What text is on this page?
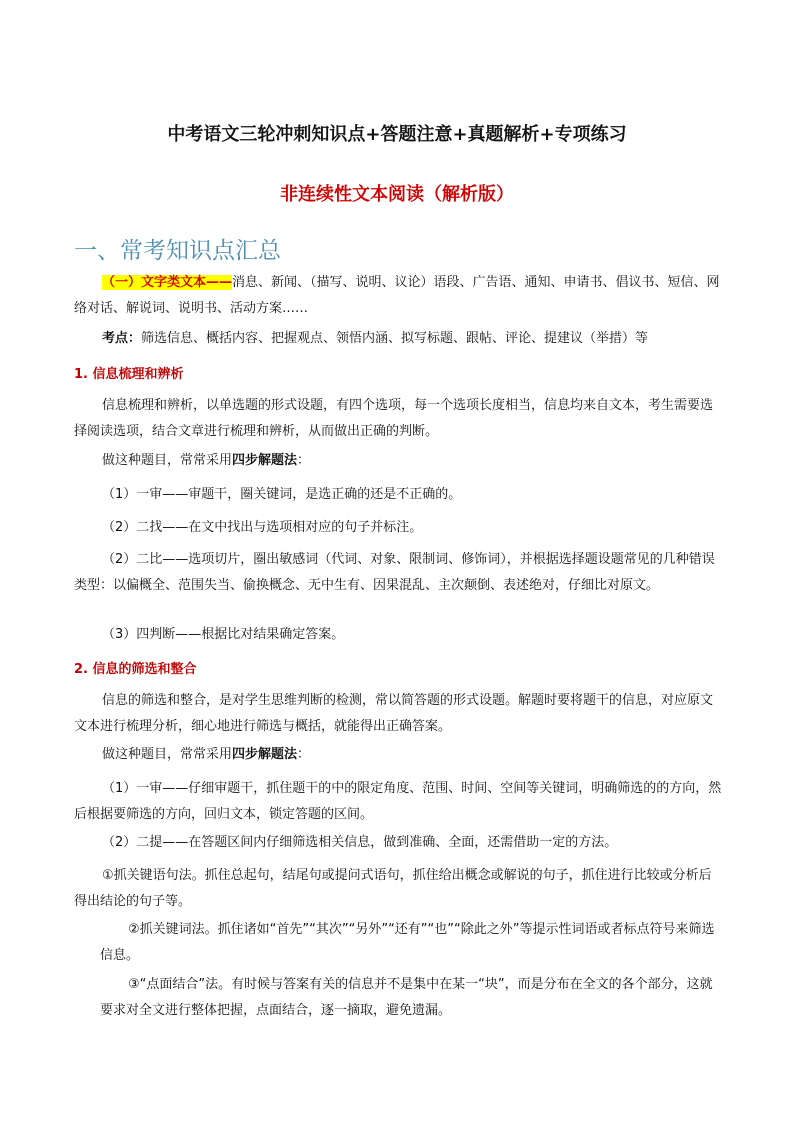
中考语文三轮冲刺知识点+答题注意+真题解析+专项练习
非连续性文本阅读（解析版）
一、常考知识点汇总
（一）文字类文本——消息、新闻、（描写、说明、议论）语段、广告语、通知、申请书、倡议书、短信、网络对话、解说词、说明书、活动方案……
考点：筛选信息、概括内容、把握观点、领悟内涵、拟写标题、跟帖、评论、提建议（举措）等
1. 信息梳理和辨析
信息梳理和辨析，以单选题的形式设题，有四个选项，每一个选项长度相当，信息均来自文本，考生需要选择阅读选项，结合文章进行梳理和辨析，从而做出正确的判断。
做这种题目，常常采用四步解题法：
（1）一审——审题干，圈关键词，是选正确的还是不正确的。
（2）二找——在文中找出与选项相对应的句子并标注。
（2）二比——选项切片，圈出敏感词（代词、对象、限制词、修饰词），并根据选择题设题常见的几种错误类型：以偏概全、范围失当、偷换概念、无中生有、因果混乱、主次颠倒、表述绝对，仔细比对原文。
（3）四判断——根据比对结果确定答案。
2. 信息的筛选和整合
信息的筛选和整合，是对学生思维判断的检测，常以简答题的形式设题。解题时要将题干的信息，对应原文文本进行梳理分析，细心地进行筛选与概括，就能得出正确答案。
做这种题目，常常采用四步解题法：
（1）一审——仔细审题干，抓住题干的中的限定角度、范围、时间、空间等关键词，明确筛选的的方向，然后根据要筛选的方向，回归文本，锁定答题的区间。
（2）二提——在答题区间内仔细筛选相关信息，做到准确、全面，还需借助一定的方法。
①抓关键语句法。抓住总起句，结尾句或提问式语句，抓住给出概念或解说的句子，抓住进行比较或分析后得出结论的句子等。
②抓关键词法。抓住诸如“首先”“其次”“另外”“还有”“也”“除此之外”等提示性词语或者标点符号来筛选信息。
③“点面结合”法。有时候与答案有关的信息并不是集中在某一“块”，而是分布在全文的各个部分，这就要求对全文进行整体把握，点面结合，逐一摘取，避免遗漏。
